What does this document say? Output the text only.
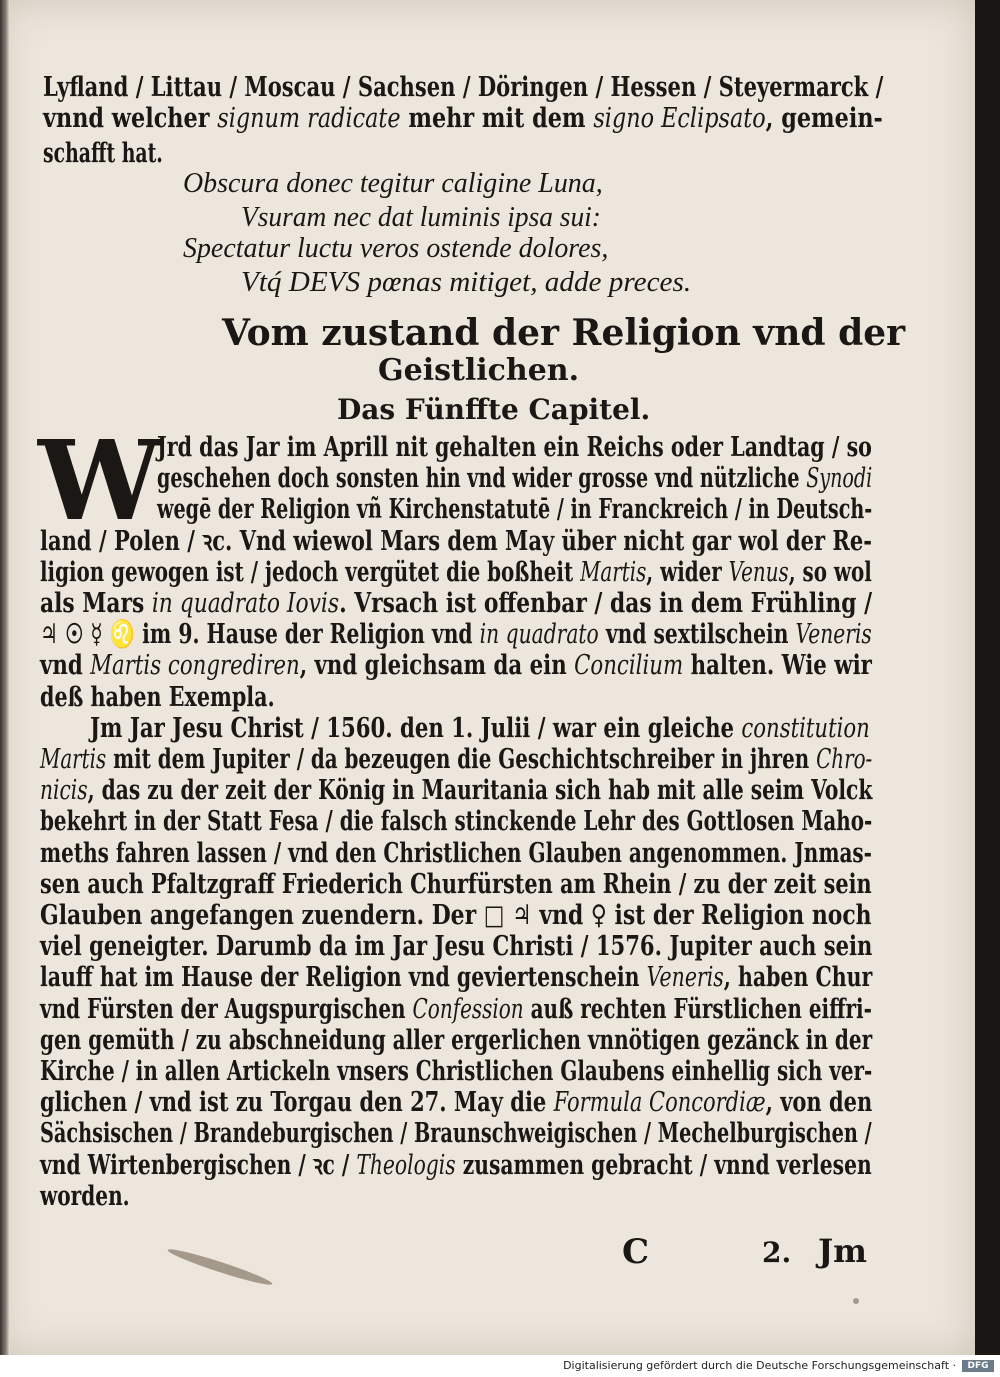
Lyfland / Littau / Moscau / Sachsen / Döringen / Hessen / Steyermarck /
vnnd welcher signum radicate mehr mit dem signo Eclipsato, gemein-
schafft hat.
Obscura donec tegitur caligine Luna,
Vsuram nec dat luminis ipsa sui:
Spectatur luctu veros ostende dolores,
Vtq́ DEVS pœnas mitiget, adde preces.
Vom zustand der Religion vnd der
Geistlichen.
Das Fünffte Capitel.
W
Jrd das Jar im Aprill nit gehalten ein Reichs oder Landtag / so
geschehen doch sonsten hin vnd wider grosse vnd nützliche Synodi
wegē der Religion vñ Kirchenstatutē / in Franckreich / in Deutsch-
land / Polen / ꝛc. Vnd wiewol Mars dem May über nicht gar wol der Re-
ligion gewogen ist / jedoch vergütet die boßheit Martis, wider Venus, so wol
als Mars in quadrato Iovis. Vrsach ist offenbar / das in dem Frühling /
♃ ☉ ☿ ♌ im 9. Hause der Religion vnd in quadrato vnd sextilschein Veneris
vnd Martis congrediren, vnd gleichsam da ein Concilium halten. Wie wir
deß haben Exempla.
Jm Jar Jesu Christ / 1560. den 1. Julii / war ein gleiche constitution
Martis mit dem Jupiter / da bezeugen die Geschichtschreiber in jhren Chro-
nicis, das zu der zeit der König in Mauritania sich hab mit alle seim Volck
bekehrt in der Statt Fesa / die falsch stinckende Lehr des Gottlosen Maho-
meths fahren lassen / vnd den Christlichen Glauben angenommen. Jnmas-
sen auch Pfaltzgraff Friederich Churfürsten am Rhein / zu der zeit sein
Glauben angefangen zuendern. Der □ ♃ vnd ♀ ist der Religion noch
viel geneigter. Darumb da im Jar Jesu Christi / 1576. Jupiter auch sein
lauff hat im Hause der Religion vnd geviertenschein Veneris, haben Chur
vnd Fürsten der Augspurgischen Confession auß rechten Fürstlichen eiffri-
gen gemüth / zu abschneidung aller ergerlichen vnnötigen gezänck in der
Kirche / in allen Artickeln vnsers Christlichen Glaubens einhellig sich ver-
glichen / vnd ist zu Torgau den 27. May die Formula Concordiæ, von den
Sächsischen / Brandeburgischen / Braunschweigischen / Mechelburgischen /
vnd Wirtenbergischen / ꝛc / Theologis zusammen gebracht / vnnd verlesen
worden.
C	2. Jm
Digitalisierung gefördert durch die Deutsche Forschungsgemeinschaft ·	DFG
